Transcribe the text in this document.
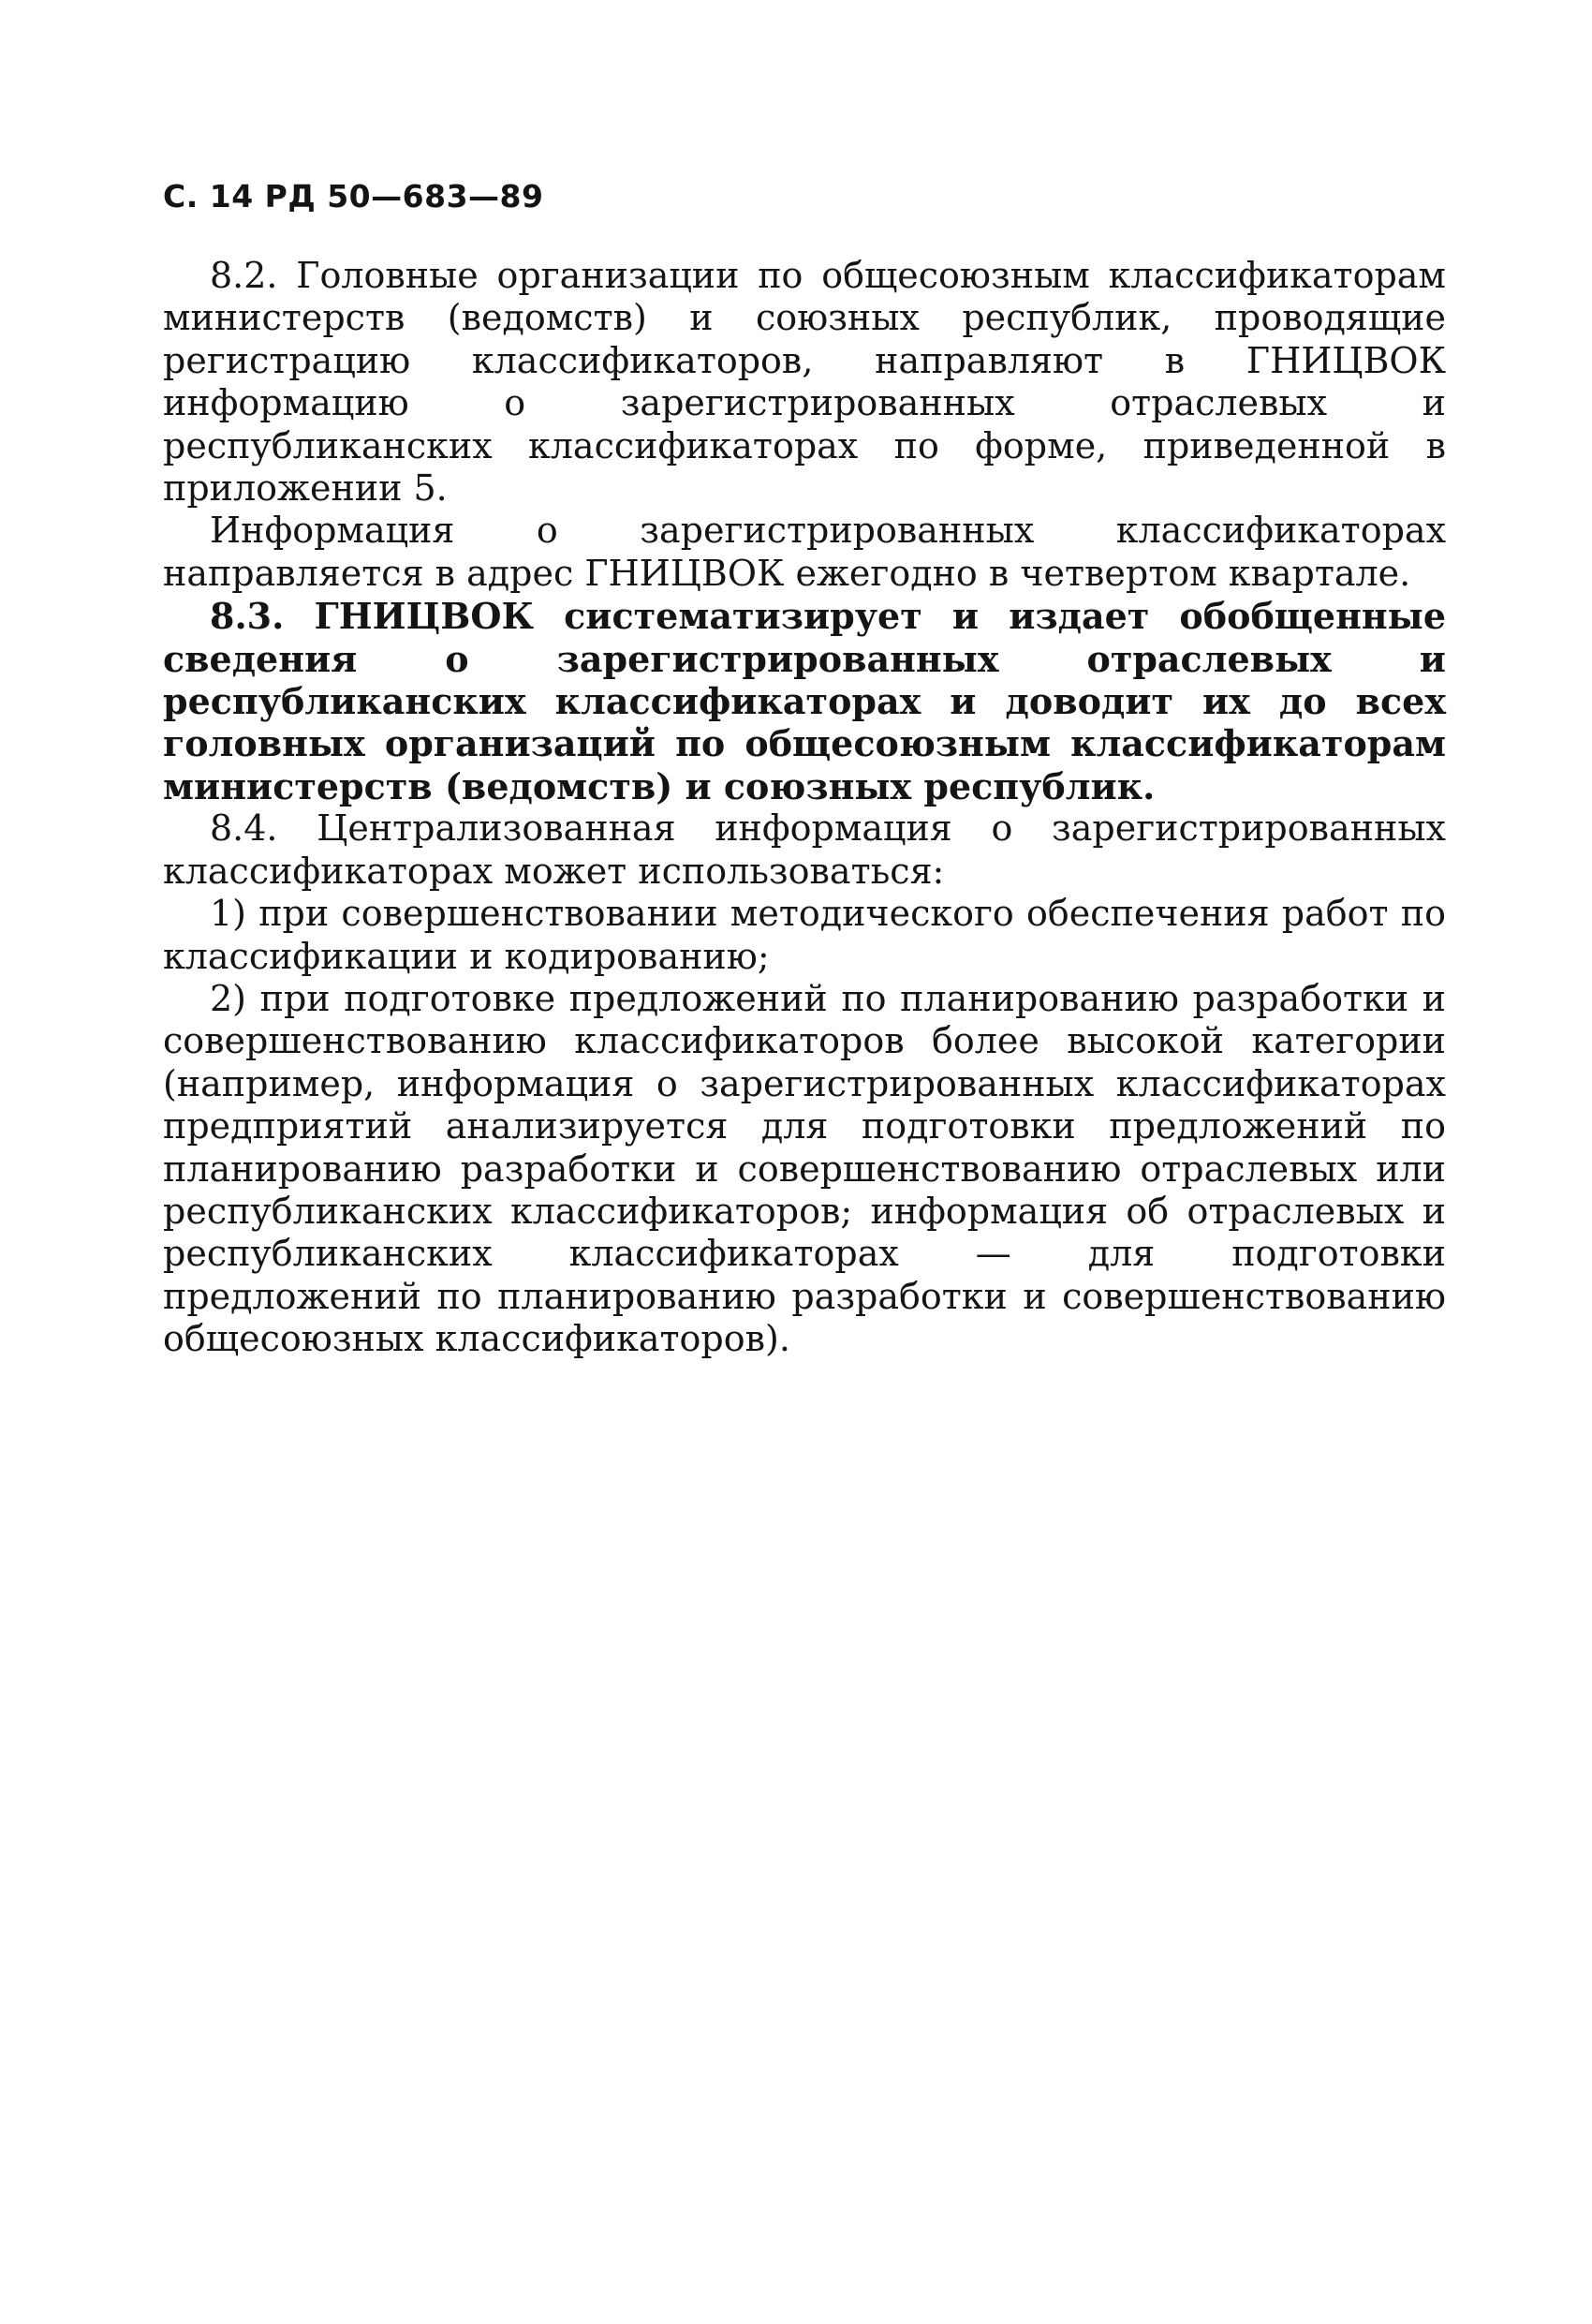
С. 14 РД 50—683—89

8.2. Головные организации по общесоюзным классификаторам министерств (ведомств) и союзных республик, проводящие регистрацию классификаторов, направляют в ГНИЦВОК информацию о зарегистрированных отраслевых и республиканских классификаторах по форме, приведенной в приложении 5.

Информация о зарегистрированных классификаторах направляется в адрес ГНИЦВОК ежегодно в четвертом квартале.

8.3. ГНИЦВОК систематизирует и издает обобщенные сведения о зарегистрированных отраслевых и республиканских классификаторах и доводит их до всех головных организаций по общесоюзным классификаторам министерств (ведомств) и союзных республик.

8.4. Централизованная информация о зарегистрированных классификаторах может использоваться:

1) при совершенствовании методического обеспечения работ по классификации и кодированию;

2) при подготовке предложений по планированию разработки и совершенствованию классификаторов более высокой категории (например, информация о зарегистрированных классификаторах предприятий анализируется для подготовки предложений по планированию разработки и совершенствованию отраслевых или республиканских классификаторов; информация об отраслевых и республиканских классификаторах — для подготовки предложений по планированию разработки и совершенствованию общесоюзных классификаторов).
